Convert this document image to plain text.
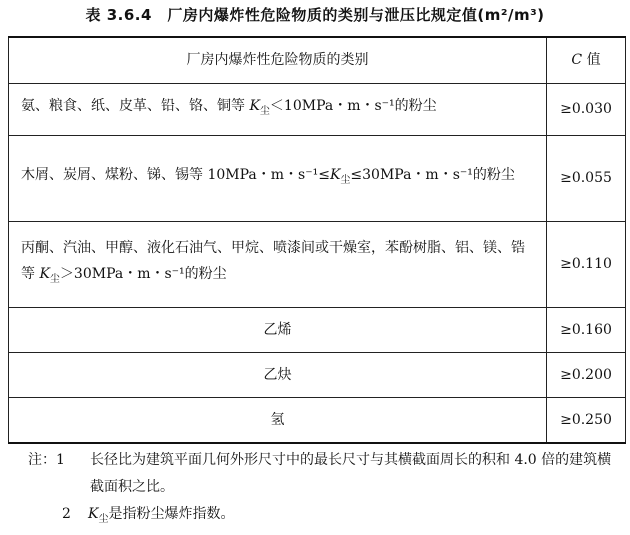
表 3.6.4　厂房内爆炸性危险物质的类别与泄压比规定值(m²/m³)
厂房内爆炸性危险物质的类别	C 值
氨、粮食、纸、皮革、铅、铬、铜等 $K_尘<10MPa$・m・s⁻¹的粉尘	≥0.030
木屑、炭屑、煤粉、锑、锡等 10MPa・m・$s^{-1}\le K_尘\le 30MPa$・m・s⁻¹的粉尘	≥0.055
丙酮、汽油、甲醇、液化石油气、甲烷、喷漆间或干燥室，苯酚树脂、铝、镁、锆等 $K_尘>30MPa$・m・s⁻¹的粉尘	≥0.110
乙烯	≥0.160
乙炔	≥0.200
氢	≥0.250
注：1	长径比为建筑平面几何外形尺寸中的最长尺寸与其横截面周长的积和 4.0 倍的建筑横截面积之比。
2	$K_尘$是指粉尘爆炸指数。
